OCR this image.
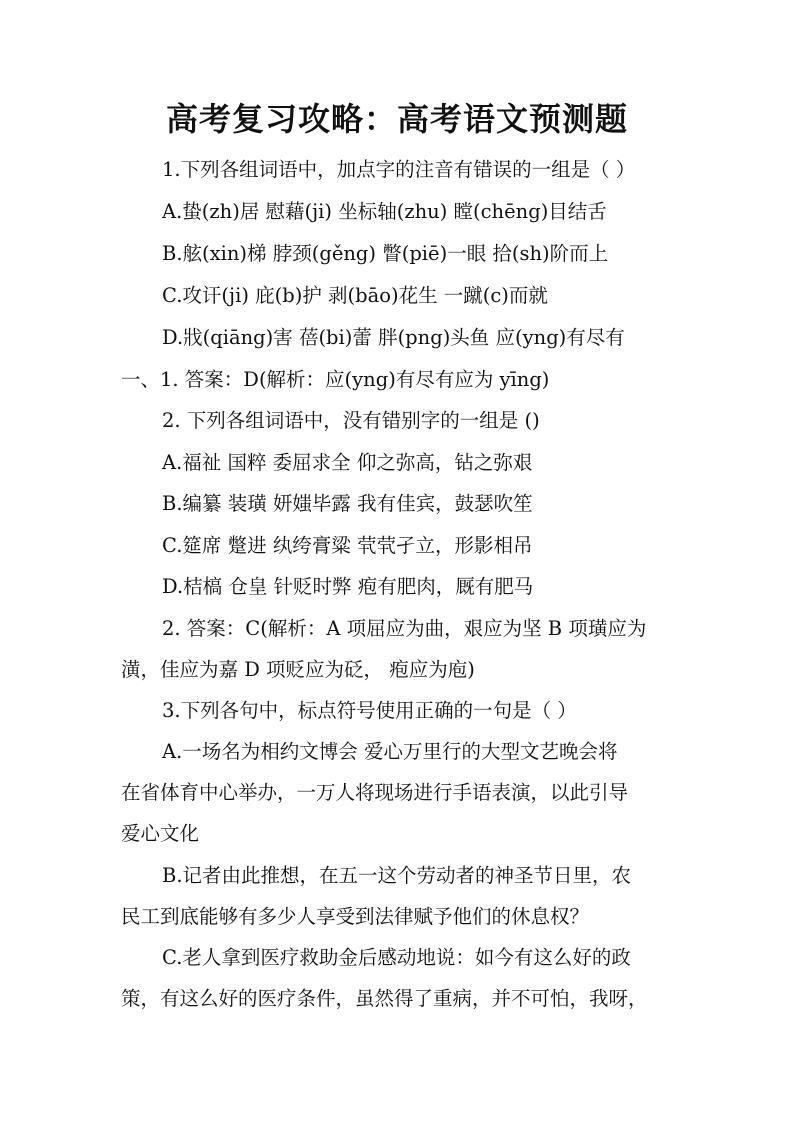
高考复习攻略：高考语文预测题
1.下列各组词语中，加点字的注音有错误的一组是（ ）
A.蛰(zh)居 慰藉(ji) 坐标轴(zhu) 瞠(chēng)目结舌
B.舷(xin)梯 脖颈(gěng) 瞥(piē)一眼 拾(sh)阶而上
C.攻讦(ji) 庇(b)护 剥(bāo)花生 一蹴(c)而就
D.戕(qiāng)害 蓓(bi)蕾 胖(png)头鱼 应(yng)有尽有
一、1. 答案：D(解析：应(yng)有尽有应为 yīng)
2. 下列各组词语中，没有错别字的一组是 ()
A.福祉 国粹 委屈求全 仰之弥高，钻之弥艰
B.编纂 装璜 妍媸毕露 我有佳宾，鼓瑟吹笙
C.筵席 蹩进 纨绔膏粱 茕茕孑立，形影相吊
D.桔槁 仓皇 针贬时弊 疱有肥肉，厩有肥马
2. 答案：C(解析：A 项屈应为曲，艰应为坚 B 项璜应为
潢，佳应为嘉 D 项贬应为砭， 疱应为庖)
3.下列各句中，标点符号使用正确的一句是（ ）
A.一场名为相约文博会 爱心万里行的大型文艺晚会将
在省体育中心举办，一万人将现场进行手语表演，以此引导
爱心文化
B.记者由此推想，在五一这个劳动者的神圣节日里，农
民工到底能够有多少人享受到法律赋予他们的休息权？
C.老人拿到医疗救助金后感动地说：如今有这么好的政
策，有这么好的医疗条件，虽然得了重病，并不可怕，我呀，
